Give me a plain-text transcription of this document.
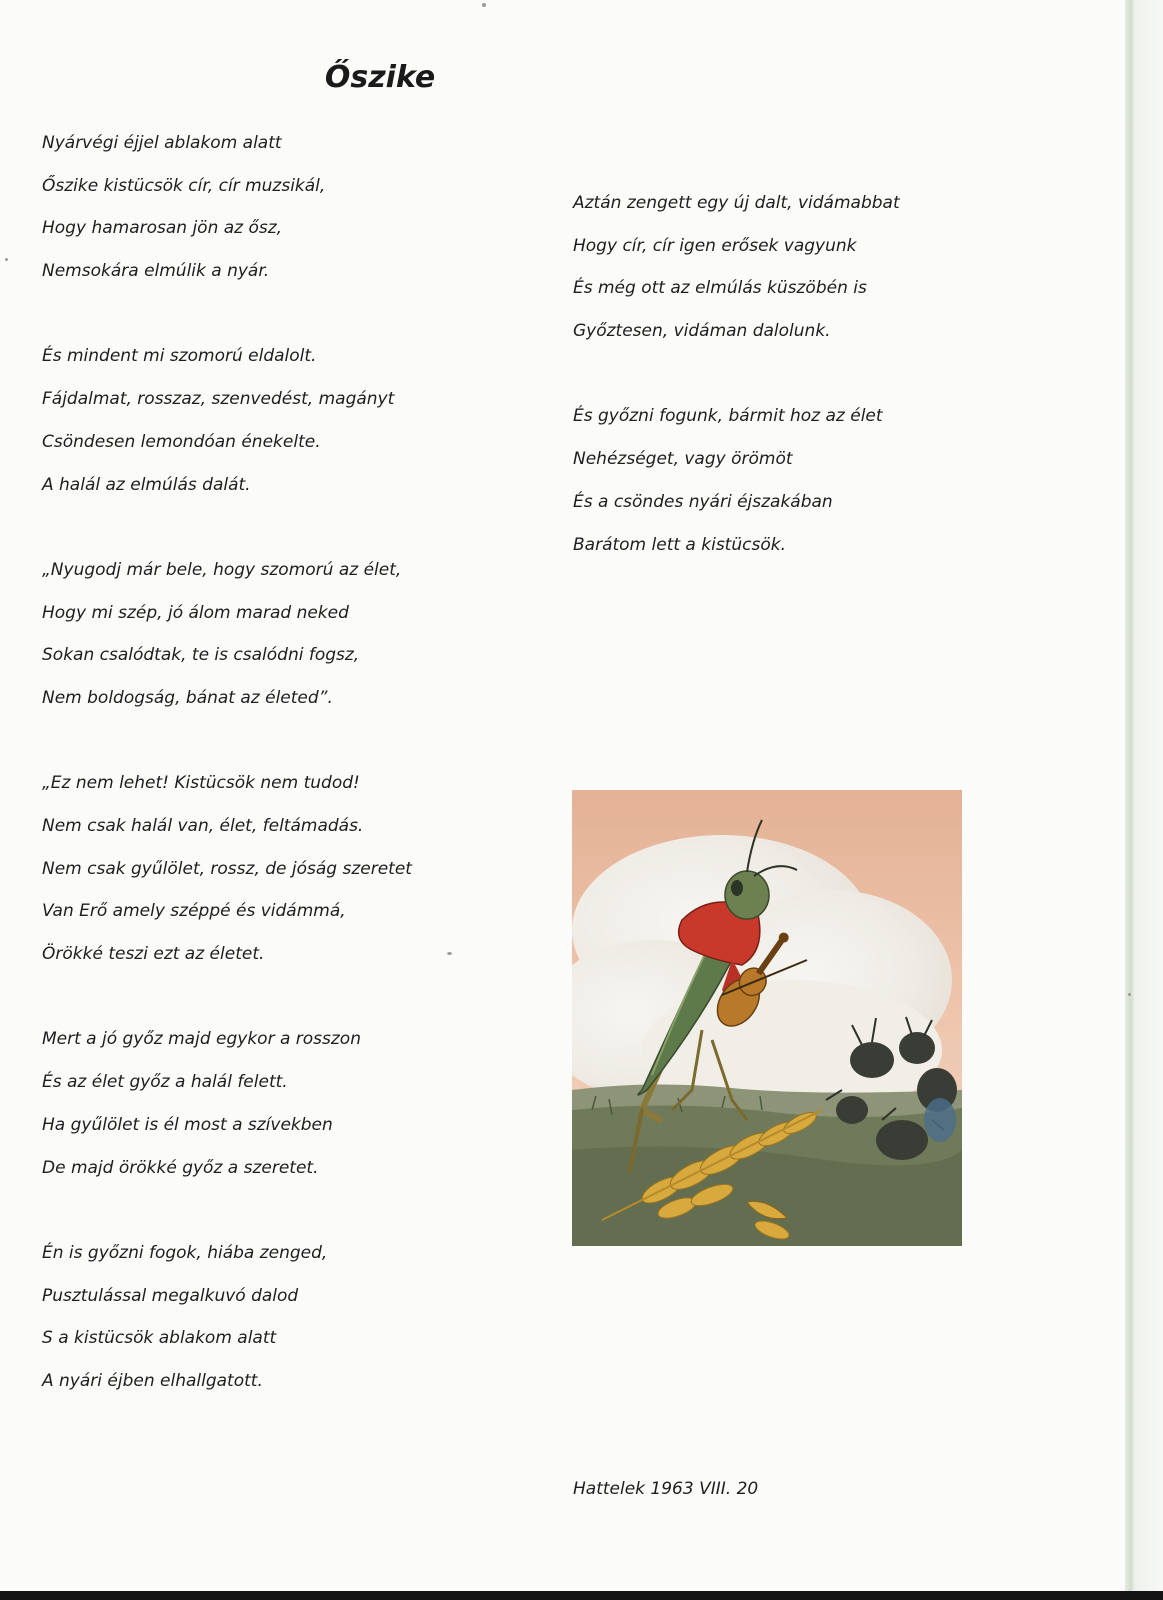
Őszike
Nyárvégi éjjel ablakom alatt
Őszike kistücsök cír, cír muzsikál,
Hogy hamarosan jön az ősz,
Nemsokára elmúlik a nyár.
És mindent mi szomorú eldalolt.
Fájdalmat, rosszaz, szenvedést, magányt
Csöndesen lemondóan énekelte.
A halál az elmúlás dalát.
„Nyugodj már bele, hogy szomorú az élet,
Hogy mi szép, jó álom marad neked
Sokan csalódtak, te is csalódni fogsz,
Nem boldogság, bánat az életed”.
„Ez nem lehet! Kistücsök nem tudod!
Nem csak halál van, élet, feltámadás.
Nem csak gyűlölet, rossz, de jóság szeretet
Van Erő amely széppé és vidámmá,
Örökké teszi ezt az életet.
Mert a jó győz majd egykor a rosszon
És az élet győz a halál felett.
Ha gyűlölet is él most a szívekben
De majd örökké győz a szeretet.
Én is győzni fogok, hiába zenged,
Pusztulással megalkuvó dalod
S a kistücsök ablakom alatt
A nyári éjben elhallgatott.
Aztán zengett egy új dalt, vidámabbat
Hogy cír, cír igen erősek vagyunk
És még ott az elmúlás küszöbén is
Győztesen, vidáman dalolunk.
És győzni fogunk, bármit hoz az élet
Nehézséget, vagy örömöt
És a csöndes nyári éjszakában
Barátom lett a kistücsök.
Hattelek 1963 VIII. 20
